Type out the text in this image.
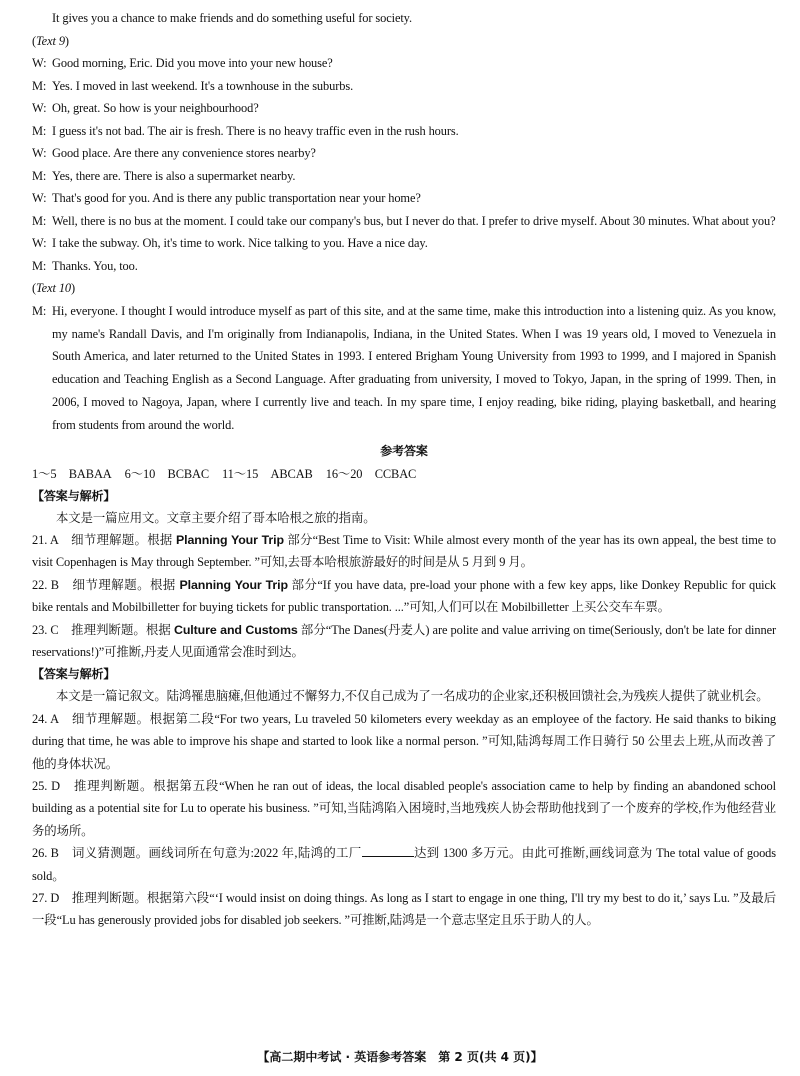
It gives you a chance to make friends and do something useful for society.

(Text 9)

W: Good morning, Eric. Did you move into your new house?
M: Yes. I moved in last weekend. It's a townhouse in the suburbs.
W: Oh, great. So how is your neighbourhood?
M: I guess it's not bad. The air is fresh. There is no heavy traffic even in the rush hours.
W: Good place. Are there any convenience stores nearby?
M: Yes, there are. There is also a supermarket nearby.
W: That's good for you. And is there any public transportation near your home?
M: Well, there is no bus at the moment. I could take our company's bus, but I never do that. I prefer to drive myself. About 30 minutes. What about you?
W: I take the subway. Oh, it's time to work. Nice talking to you. Have a nice day.
M: Thanks. You, too.

(Text 10)

M: Hi, everyone. I thought I would introduce myself as part of this site, and at the same time, make this introduction into a listening quiz. As you know, my name's Randall Davis, and I'm originally from Indianapolis, Indiana, in the United States. When I was 19 years old, I moved to Venezuela in South America, and later returned to the United States in 1993. I entered Brigham Young University from 1993 to 1999, and I majored in Spanish education and Teaching English as a Second Language. After graduating from university, I moved to Tokyo, Japan, in the spring of 1999. Then, in 2006, I moved to Nagoya, Japan, where I currently live and teach. In my spare time, I enjoy reading, bike riding, playing basketball, and hearing from students from around the world.
参考答案

1～5　BABAA 6～10　BCBAC 11～15　ABCAB 16～20　CCBAC

【答案与解析】

本文是一篇应用文。文章主要介绍了哥本哈根之旅的指南。

21. A　 细节理解题。根据 Planning Your Trip 部分“Best Time to Visit: While almost every month of the year has its own appeal, the best time to visit Copenhagen is May through September. ”可知,去哥本哈根旅游最好的时间是从 5 月到 9 月。

22. B　 细节理解题。根据 Planning Your Trip 部分“If you have data, pre-load your phone with a few key apps, like Donkey Republic for quick bike rentals and Mobilbilletter for buying tickets for public transportation. ...”可知,人们可以在 Mobilbilletter 上买公交车车票。

23. C　 推理判断题。根据 Culture and Customs 部分“The Danes(丹麦人) are polite and value arriving on time(Seriously, don't be late for dinner reservations!)”可推断,丹麦人见面通常会准时到达。

【答案与解析】

本文是一篇记叙文。陆鸿罹患脑瘫,但他通过不懈努力,不仅自己成为了一名成功的企业家,还积极回馈社会,为残疾人提供了就业机会。

24. A　 细节理解题。根据第二段“For two years, Lu traveled 50 kilometers every weekday as an employee of the factory. He said thanks to biking during that time, he was able to improve his shape and started to look like a normal person. ”可知,陆鸿每周工作日骑行 50 公里去上班,从而改善了他的身体状况。

25. D　 推理判断题。根据第五段“When he ran out of ideas, the local disabled people's association came to help by finding an abandoned school building as a potential site for Lu to operate his business. ”可知,当陆鸿陷入困境时,当地残疾人协会帮助他找到了一个废弃的学校,作为他经营业务的场所。

26. B　 词义猜测题。画线词所在句意为:2022 年,陆鸿的工厂	达到 1300 多万元。由此可推断,画线词意为 The total value of goods sold。

27. D　 推理判断题。根据第六段“‘I would insist on doing things. As long as I start to engage in one thing, I'll try my best to do it,’ says Lu. ”及最后一段“Lu has generously provided jobs for disabled job seekers. ”可推断,陆鸿是一个意志坚定且乐于助人的人。

【高二期中考试 · 英语参考答案　第 2 页(共 4 页)】
